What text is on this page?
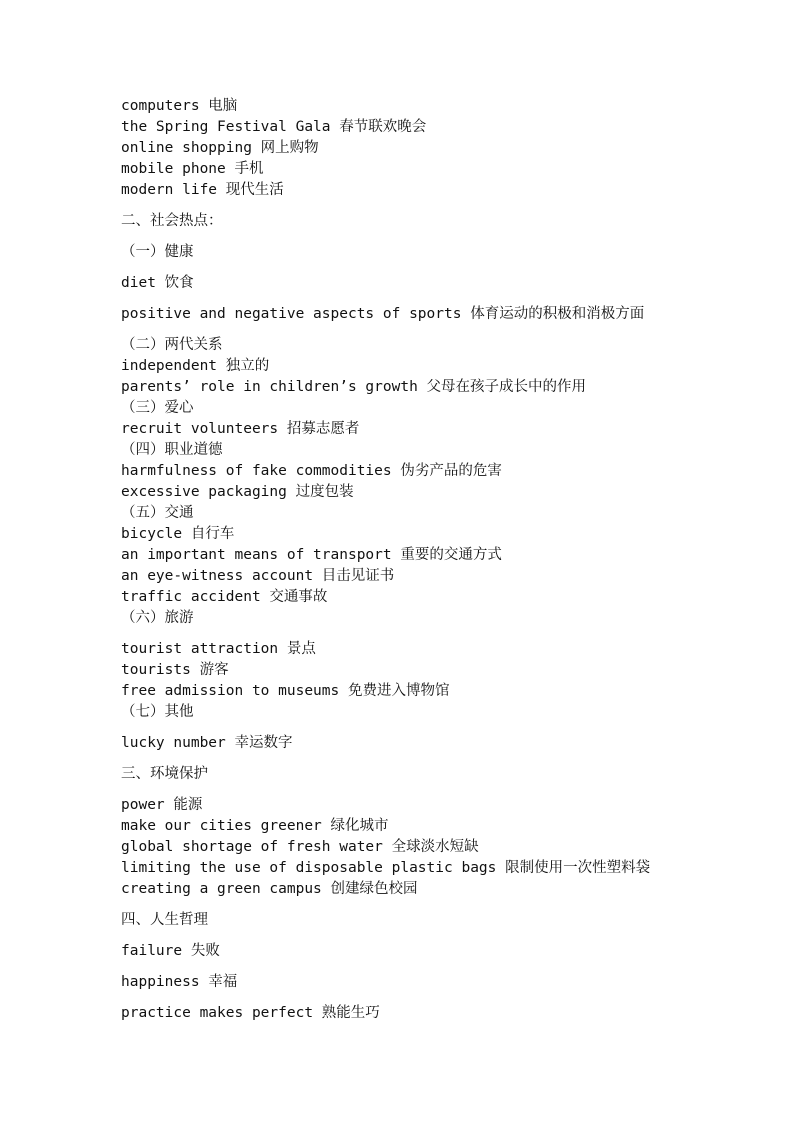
computers 电脑
the Spring Festival Gala 春节联欢晚会
online shopping 网上购物
mobile phone 手机
modern life 现代生活
二、社会热点：
（一）健康
diet 饮食
positive and negative aspects of sports 体育运动的积极和消极方面
（二）两代关系
independent 独立的
parents’ role in children’s growth 父母在孩子成长中的作用
（三）爱心
recruit volunteers 招募志愿者
（四）职业道德
harmfulness of fake commodities 伪劣产品的危害
excessive packaging 过度包装
（五）交通
bicycle 自行车
an important means of transport 重要的交通方式
an eye-witness account 目击见证书
traffic accident 交通事故
（六）旅游
tourist attraction 景点
tourists 游客
free admission to museums 免费进入博物馆
（七）其他
lucky number 幸运数字
三、环境保护
power 能源
make our cities greener 绿化城市
global shortage of fresh water 全球淡水短缺
limiting the use of disposable plastic bags 限制使用一次性塑料袋
creating a green campus 创建绿色校园
四、人生哲理
failure 失败
happiness 幸福
practice makes perfect 熟能生巧
